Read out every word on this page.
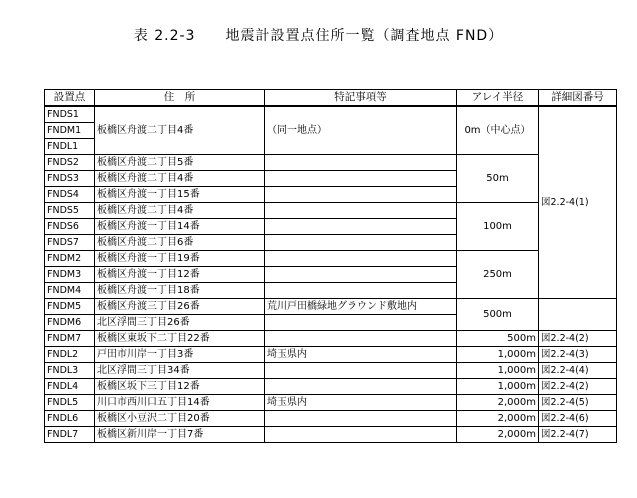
表 2.2-3　　地震計設置点住所一覧（調査地点 FND）
設置点	住　所	特記事項等	アレイ半径	詳細図番号
FNDS1	板橋区舟渡二丁目4番	（同一地点）	0m（中心点）	図2.2-4(1)
FNDM1				
FNDL1				
FNDS2	板橋区舟渡二丁目5番		50m	
FNDS3	板橋区舟渡二丁目4番			
FNDS4	板橋区舟渡一丁目15番			
FNDS5	板橋区舟渡二丁目4番		100m	
FNDS6	板橋区舟渡一丁目14番			
FNDS7	板橋区舟渡二丁目6番			
FNDM2	板橋区舟渡一丁目19番		250m	
FNDM3	板橋区舟渡一丁目12番			
FNDM4	板橋区舟渡一丁目18番			
FNDM5	板橋区舟渡三丁目26番	荒川戸田橋緑地グラウンド敷地内	500m	
FNDM6	北区浮間三丁目26番			
FNDM7	板橋区東坂下二丁目22番		500m	図2.2-4(2)
FNDL2	戸田市川岸一丁目3番	埼玉県内	1,000m	図2.2-4(3)
FNDL3	北区浮間三丁目34番		1,000m	図2.2-4(4)
FNDL4	板橋区坂下三丁目12番		1,000m	図2.2-4(2)
FNDL5	川口市西川口五丁目14番	埼玉県内	2,000m	図2.2-4(5)
FNDL6	板橋区小豆沢二丁目20番		2,000m	図2.2-4(6)
FNDL7	板橋区新川岸一丁目7番		2,000m	図2.2-4(7)
